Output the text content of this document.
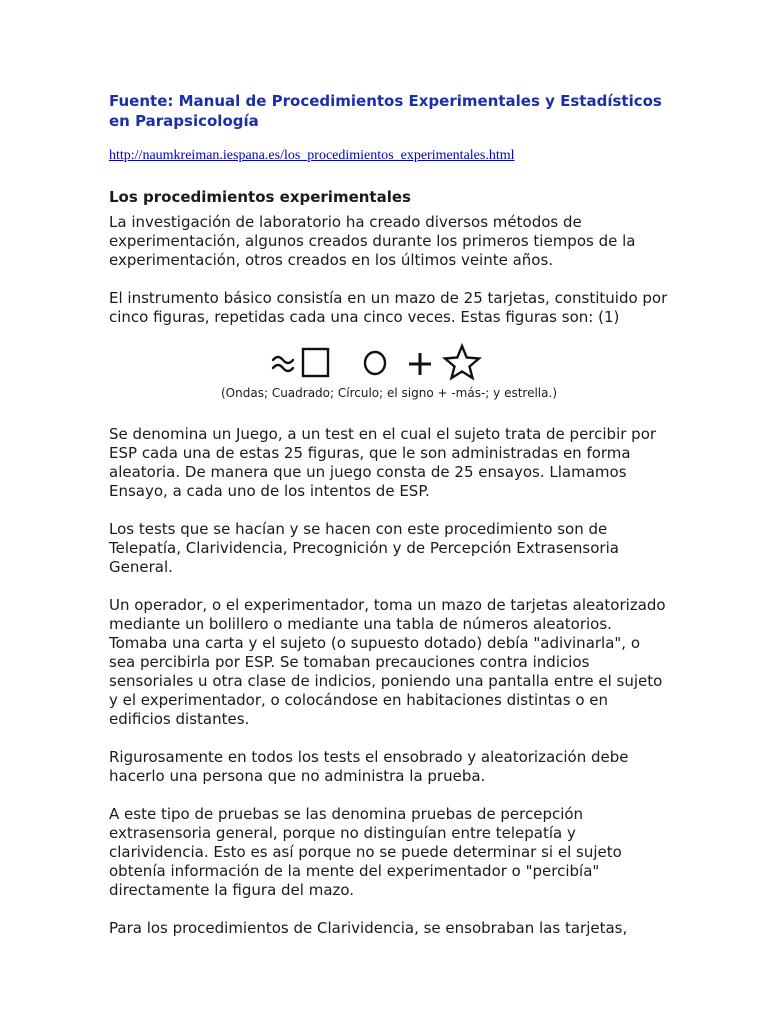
Fuente: Manual de Procedimientos Experimentales y Estadísticos en Parapsicología
http://naumkreiman.iespana.es/los_procedimientos_experimentales.html
Los procedimientos experimentales

La investigación de laboratorio ha creado diversos métodos de experimentación, algunos creados durante los primeros tiempos de la experimentación, otros creados en los últimos veinte años.

El instrumento básico consistía en un mazo de 25 tarjetas, constituido por cinco figuras, repetidas cada una cinco veces. Estas figuras son: (1)

(Ondas; Cuadrado; Círculo; el signo + -más-; y estrella.)

Se denomina un Juego, a un test en el cual el sujeto trata de percibir por ESP cada una de estas 25 figuras, que le son administradas en forma aleatoria. De manera que un juego consta de 25 ensayos. Llamamos Ensayo, a cada uno de los intentos de ESP.

Los tests que se hacían y se hacen con este procedimiento son de Telepatía, Clarividencia, Precognición y de Percepción Extrasensoria General.

Un operador, o el experimentador, toma un mazo de tarjetas aleatorizado mediante un bolillero o mediante una tabla de números aleatorios. Tomaba una carta y el sujeto (o supuesto dotado) debía "adivinarla", o sea percibirla por ESP. Se tomaban precauciones contra indicios sensoriales u otra clase de indicios, poniendo una pantalla entre el sujeto y el experimentador, o colocándose en habitaciones distintas o en edificios distantes.

Rigurosamente en todos los tests el ensobrado y aleatorización debe hacerlo una persona que no administra la prueba.

A este tipo de pruebas se las denomina pruebas de percepción extrasensoria general, porque no distinguían entre telepatía y clarividencia. Esto es así porque no se puede determinar si el sujeto obtenía información de la mente del experimentador o "percibía" directamente la figura del mazo.

Para los procedimientos de Clarividencia, se ensobraban las tarjetas,
